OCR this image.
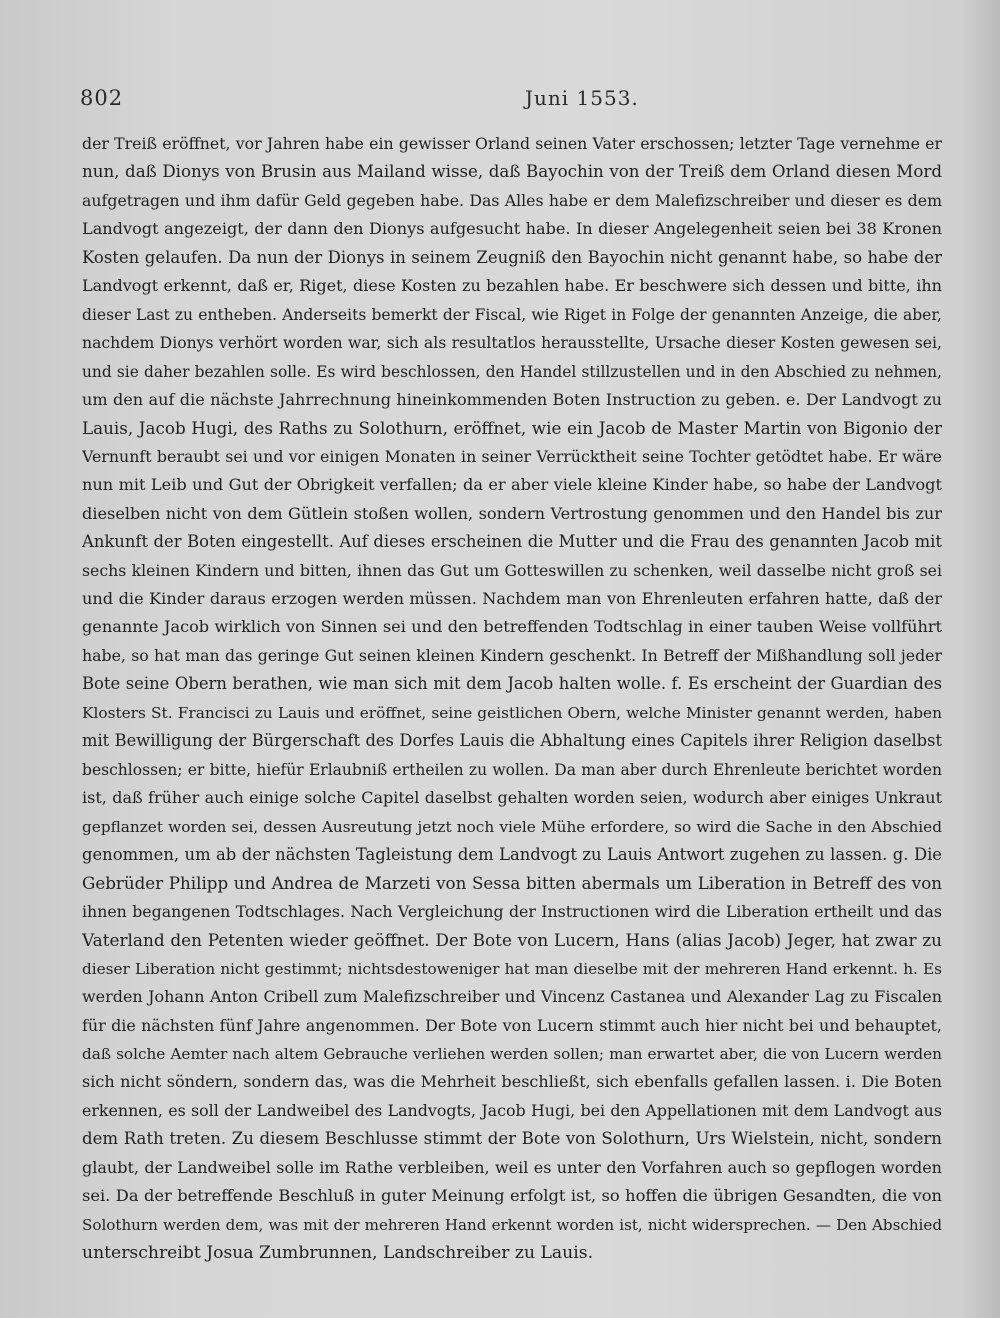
802	Juni 1553.
der Treiß eröffnet, vor Jahren habe ein gewisser Orland seinen Vater erschossen; letzter Tage vernehme er
nun, daß Dionys von Brusin aus Mailand wisse, daß Bayochin von der Treiß dem Orland diesen Mord
aufgetragen und ihm dafür Geld gegeben habe. Das Alles habe er dem Malefizschreiber und dieser es dem
Landvogt angezeigt, der dann den Dionys aufgesucht habe. In dieser Angelegenheit seien bei 38 Kronen
Kosten gelaufen. Da nun der Dionys in seinem Zeugniß den Bayochin nicht genannt habe, so habe der
Landvogt erkennt, daß er, Riget, diese Kosten zu bezahlen habe. Er beschwere sich dessen und bitte, ihn
dieser Last zu entheben. Anderseits bemerkt der Fiscal, wie Riget in Folge der genannten Anzeige, die aber,
nachdem Dionys verhört worden war, sich als resultatlos herausstellte, Ursache dieser Kosten gewesen sei,
und sie daher bezahlen solle. Es wird beschlossen, den Handel stillzustellen und in den Abschied zu nehmen,
um den auf die nächste Jahrrechnung hineinkommenden Boten Instruction zu geben. e. Der Landvogt zu
Lauis, Jacob Hugi, des Raths zu Solothurn, eröffnet, wie ein Jacob de Master Martin von Bigonio der
Vernunft beraubt sei und vor einigen Monaten in seiner Verrücktheit seine Tochter getödtet habe. Er wäre
nun mit Leib und Gut der Obrigkeit verfallen; da er aber viele kleine Kinder habe, so habe der Landvogt
dieselben nicht von dem Gütlein stoßen wollen, sondern Vertrostung genommen und den Handel bis zur
Ankunft der Boten eingestellt. Auf dieses erscheinen die Mutter und die Frau des genannten Jacob mit
sechs kleinen Kindern und bitten, ihnen das Gut um Gotteswillen zu schenken, weil dasselbe nicht groß sei
und die Kinder daraus erzogen werden müssen. Nachdem man von Ehrenleuten erfahren hatte, daß der
genannte Jacob wirklich von Sinnen sei und den betreffenden Todtschlag in einer tauben Weise vollführt
habe, so hat man das geringe Gut seinen kleinen Kindern geschenkt. In Betreff der Mißhandlung soll jeder
Bote seine Obern berathen, wie man sich mit dem Jacob halten wolle. f. Es erscheint der Guardian des
Klosters St. Francisci zu Lauis und eröffnet, seine geistlichen Obern, welche Minister genannt werden, haben
mit Bewilligung der Bürgerschaft des Dorfes Lauis die Abhaltung eines Capitels ihrer Religion daselbst
beschlossen; er bitte, hiefür Erlaubniß ertheilen zu wollen. Da man aber durch Ehrenleute berichtet worden
ist, daß früher auch einige solche Capitel daselbst gehalten worden seien, wodurch aber einiges Unkraut
gepflanzet worden sei, dessen Ausreutung jetzt noch viele Mühe erfordere, so wird die Sache in den Abschied
genommen, um ab der nächsten Tagleistung dem Landvogt zu Lauis Antwort zugehen zu lassen. g. Die
Gebrüder Philipp und Andrea de Marzeti von Sessa bitten abermals um Liberation in Betreff des von
ihnen begangenen Todtschlages. Nach Vergleichung der Instructionen wird die Liberation ertheilt und das
Vaterland den Petenten wieder geöffnet. Der Bote von Lucern, Hans (alias Jacob) Jeger, hat zwar zu
dieser Liberation nicht gestimmt; nichtsdestoweniger hat man dieselbe mit der mehreren Hand erkennt. h. Es
werden Johann Anton Cribell zum Malefizschreiber und Vincenz Castanea und Alexander Lag zu Fiscalen
für die nächsten fünf Jahre angenommen. Der Bote von Lucern stimmt auch hier nicht bei und behauptet,
daß solche Aemter nach altem Gebrauche verliehen werden sollen; man erwartet aber, die von Lucern werden
sich nicht söndern, sondern das, was die Mehrheit beschließt, sich ebenfalls gefallen lassen. i. Die Boten
erkennen, es soll der Landweibel des Landvogts, Jacob Hugi, bei den Appellationen mit dem Landvogt aus
dem Rath treten. Zu diesem Beschlusse stimmt der Bote von Solothurn, Urs Wielstein, nicht, sondern
glaubt, der Landweibel solle im Rathe verbleiben, weil es unter den Vorfahren auch so gepflogen worden
sei. Da der betreffende Beschluß in guter Meinung erfolgt ist, so hoffen die übrigen Gesandten, die von
Solothurn werden dem, was mit der mehreren Hand erkennt worden ist, nicht widersprechen. — Den Abschied
unterschreibt Josua Zumbrunnen, Landschreiber zu Lauis.
